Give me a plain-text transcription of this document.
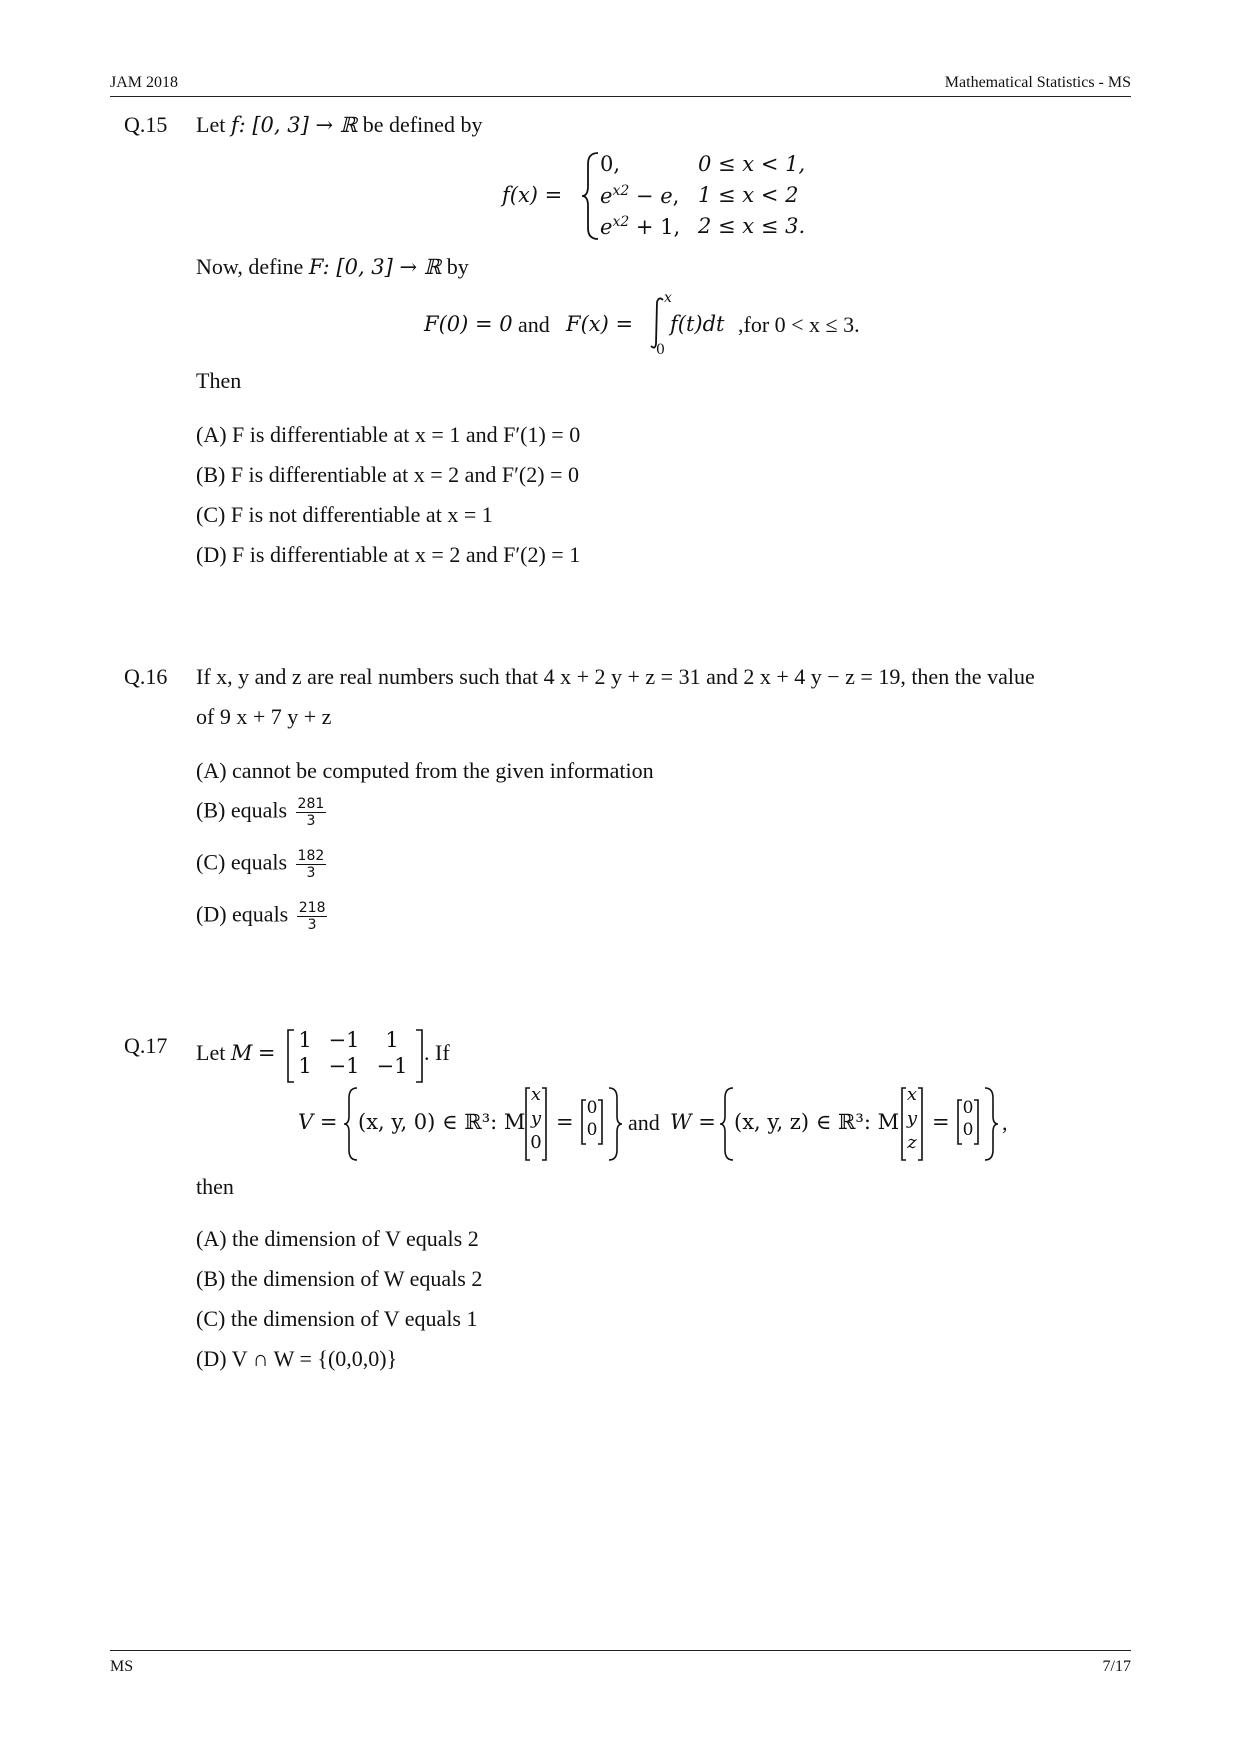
JAM 2018	Mathematical Statistics - MS
Q.15 Let f: [0, 3] → ℝ be defined by
f(x) =
0,	0 ≤ x < 1,
$e^{x2} - e$, 1 ≤ x < 2
$e^{x2} + 1$, 2 ≤ x ≤ 3.
Now, define F: [0, 3] → ℝ by
F(0) = 0 and F(x) =
x
0
f(t)dt ,for 0 < x ≤ 3.
Then
(A) F is differentiable at x = 1 and F′(1) = 0
(B) F is differentiable at x = 2 and F′(2) = 0
(C) F is not differentiable at x = 1
(D) F is differentiable at x = 2 and F′(2) = 1
Q.16 If x, y and z are real numbers such that 4 x + 2 y + z = 31 and 2 x + 4 y − z = 19, then the value
of 9 x + 7 y + z
(A) cannot be computed from the given information
(B) equals $\frac{281}{3}$
(C) equals $\frac{182}{3}$
(D) equals $\frac{218}{3}$
Q.17 Let M =
1 −1	1
1 −1 −1
. If
V = (x, y, 0) ∈ ℝ³: M
x
y
0
=
0
0 and W = (x, y, z) ∈ ℝ³: M
x
y
z
=
0
0 ,
then
(A) the dimension of V equals 2
(B) the dimension of W equals 2
(C) the dimension of V equals 1
(D) V ∩ W = {(0,0,0)}
MS	7/17
